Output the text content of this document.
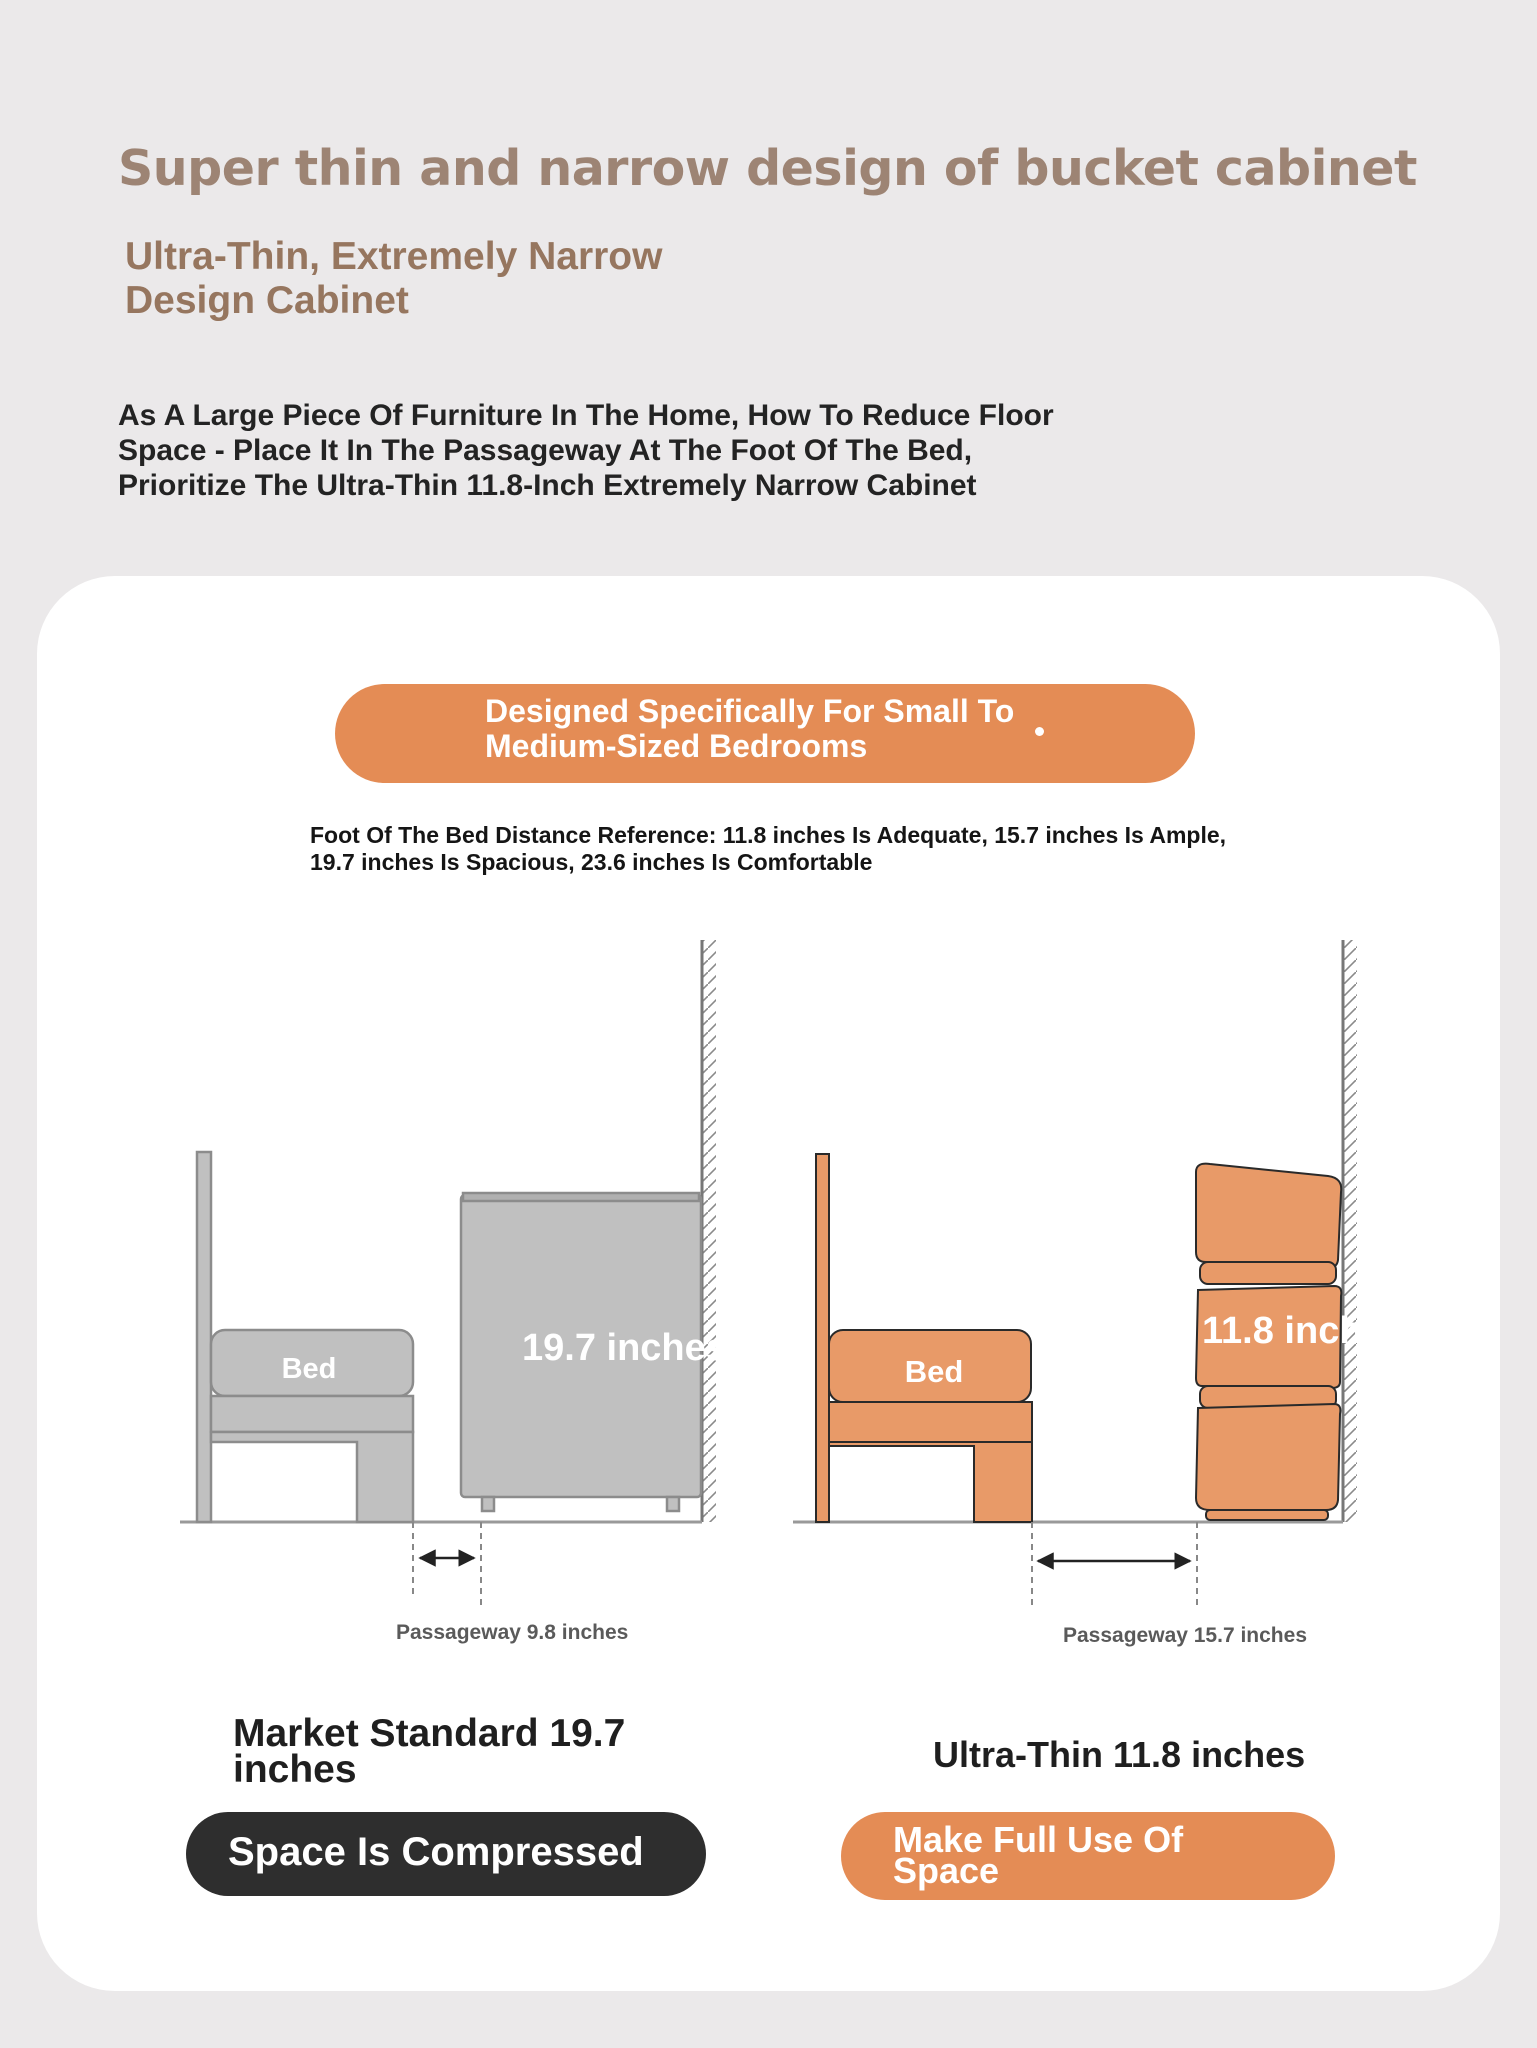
Super thin and narrow design of bucket cabinet
Ultra-Thin, Extremely Narrow Design Cabinet

As A Large Piece Of Furniture In The Home, How To Reduce Floor Space - Place It In The Passageway At The Foot Of The Bed, Prioritize The Ultra-Thin 11.8-Inch Extremely Narrow Cabinet

Designed Specifically For Small To Medium-Sized Bedrooms

Foot Of The Bed Distance Reference: 11.8 inches Is Adequate, 15.7 inches Is Ample, 19.7 inches Is Spacious, 23.6 inches Is Comfortable

Bed	19.7 inches
Bed
11.8 inches
Passageway 9.8 inches	Passageway 15.7 inches
Market Standard 19.7 inches	Ultra-Thin 11.8 inches
Space Is Compressed	Make Full Use Of Space
